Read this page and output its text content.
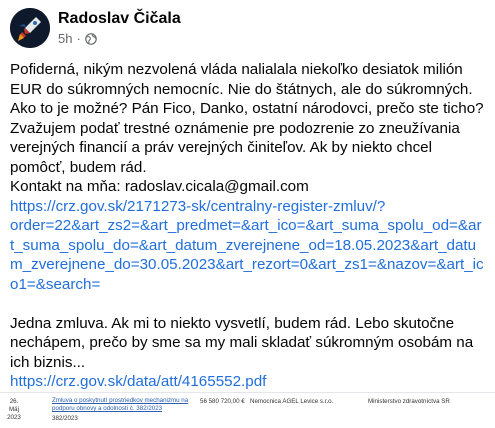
Radoslav Čičala
5h ·

Pofiderná, nikým nezvolená vláda nalialala niekoľko desiatok milión
EUR do súkromných nemocníc. Nie do štátnych, ale do súkromných.
Ako to je možné? Pán Fico, Danko, ostatní národovci, prečo ste ticho?
Zvažujem podať trestné oznámenie pre podozrenie zo zneužívania
verejných financií a práv verejných činiteľov. Ak by niekto chcel
pomôcť, budem rád.
Kontakt na mňa: radoslav.cicala@gmail.com

https://crz.gov.sk/2171273-sk/centralny-register-zmluv/?
order=22&art_zs2=&art_predmet=&art_ico=&art_suma_spolu_od=&ar
t_suma_spolu_do=&art_datum_zverejnene_od=18.05.2023&art_datu
m_zverejnene_do=30.05.2023&art_rezort=0&art_zs1=&nazov=&art_ic
o1=&search=

Jedna zmluva. Ak mi to niekto vysvetlí, budem rád. Lebo skutočne
nechápem, prečo by sme sa my mali skladať súkromným osobám na
ich biznis...

https://crz.gov.sk/data/att/4165552.pdf

26.
Máj
2023
Zmluva o poskytnutí prostriedkov mechanizmu na
podporu obnovy a odolnosti č. 382/2023
382/2023
56 580 720,00 € Nemocnica AGEL Levice s.r.o.	Ministerstvo zdravotníctva SR
